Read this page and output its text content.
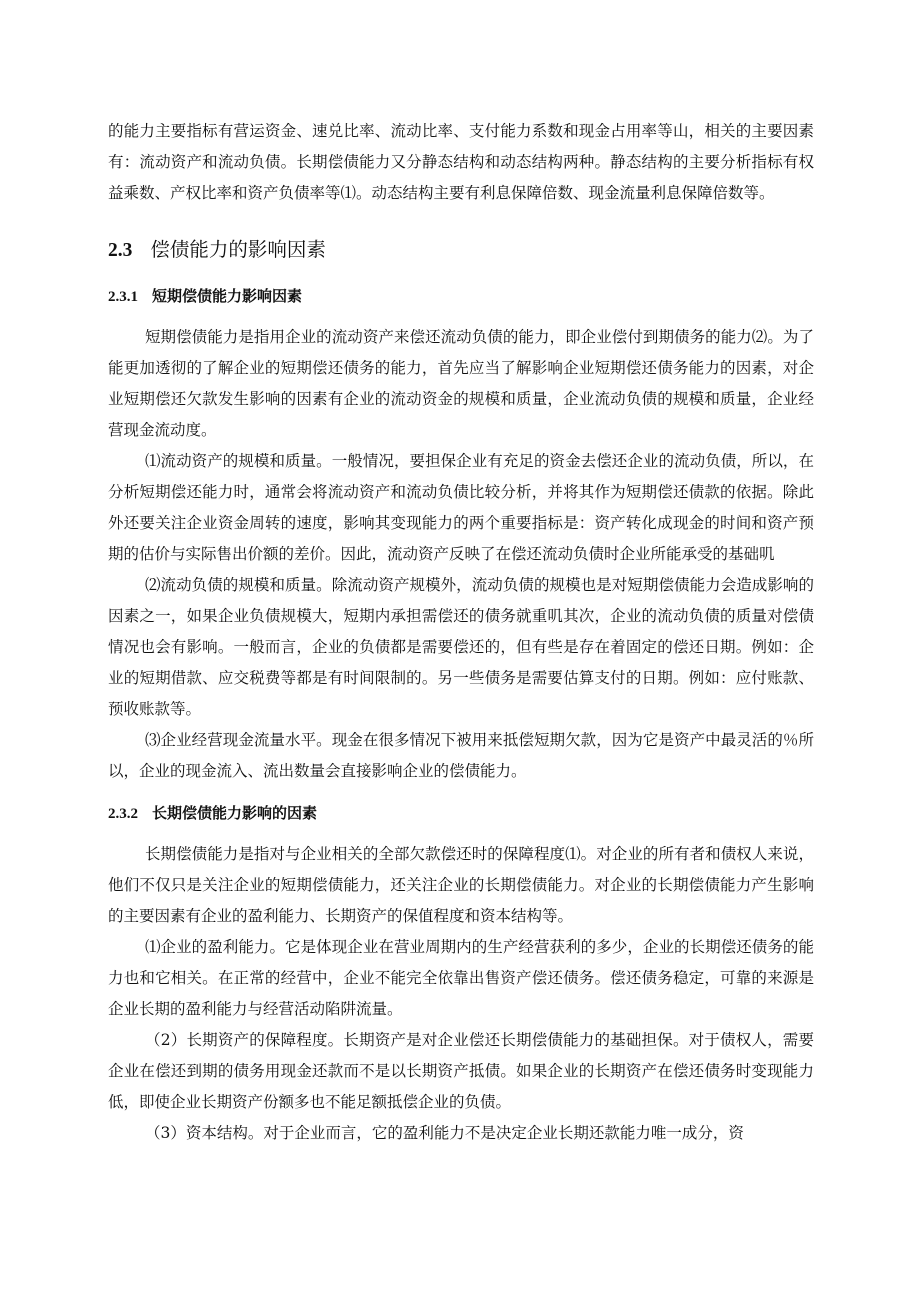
的能力主要指标有营运资金、速兑比率、流动比率、支付能力系数和现金占用率等山，相关的主要因素有：流动资产和流动负债。长期偿债能力又分静态结构和动态结构两种。静态结构的主要分析指标有权益乘数、产权比率和资产负债率等⑴。动态结构主要有利息保障倍数、现金流量利息保障倍数等。

2.3 偿债能力的影响因素
2.3.1 短期偿债能力影响因素

短期偿债能力是指用企业的流动资产来偿还流动负债的能力，即企业偿付到期债务的能力⑵。为了能更加透彻的了解企业的短期偿还债务的能力，首先应当了解影响企业短期偿还债务能力的因素，对企业短期偿还欠款发生影响的因素有企业的流动资金的规模和质量，企业流动负债的规模和质量，企业经营现金流动度。

⑴流动资产的规模和质量。一般情况，要担保企业有充足的资金去偿还企业的流动负债，所以，在分析短期偿还能力时，通常会将流动资产和流动负债比较分析，并将其作为短期偿还债款的依据。除此外还要关注企业资金周转的速度，影响其变现能力的两个重要指标是：资产转化成现金的时间和资产预期的估价与实际售出价额的差价。因此，流动资产反映了在偿还流动负债时企业所能承受的基础叽

⑵流动负债的规模和质量。除流动资产规模外，流动负债的规模也是对短期偿债能力会造成影响的因素之一，如果企业负债规模大，短期内承担需偿还的债务就重叽其次，企业的流动负债的质量对偿债情况也会有影响。一般而言，企业的负债都是需要偿还的，但有些是存在着固定的偿还日期。例如：企业的短期借款、应交税费等都是有时间限制的。另一些债务是需要估算支付的日期。例如：应付账款、预收账款等。

⑶企业经营现金流量水平。现金在很多情况下被用来抵偿短期欠款，因为它是资产中最灵活的％所以，企业的现金流入、流出数量会直接影响企业的偿债能力。

2.3.2 长期偿债能力影响的因素

长期偿债能力是指对与企业相关的全部欠款偿还时的保障程度⑴。对企业的所有者和债权人来说，他们不仅只是关注企业的短期偿债能力，还关注企业的长期偿债能力。对企业的长期偿债能力产生影响的主要因素有企业的盈利能力、长期资产的保值程度和资本结构等。

⑴企业的盈利能力。它是体现企业在营业周期内的生产经营获利的多少，企业的长期偿还债务的能力也和它相关。在正常的经营中，企业不能完全依靠出售资产偿还债务。偿还债务稳定，可靠的来源是企业长期的盈利能力与经营活动陷阱流量。

（2）长期资产的保障程度。长期资产是对企业偿还长期偿债能力的基础担保。对于债权人，需要企业在偿还到期的债务用现金还款而不是以长期资产抵债。如果企业的长期资产在偿还债务时变现能力低，即使企业长期资产份额多也不能足额抵偿企业的负债。

（3）资本结构。对于企业而言，它的盈利能力不是决定企业长期还款能力唯一成分，资
